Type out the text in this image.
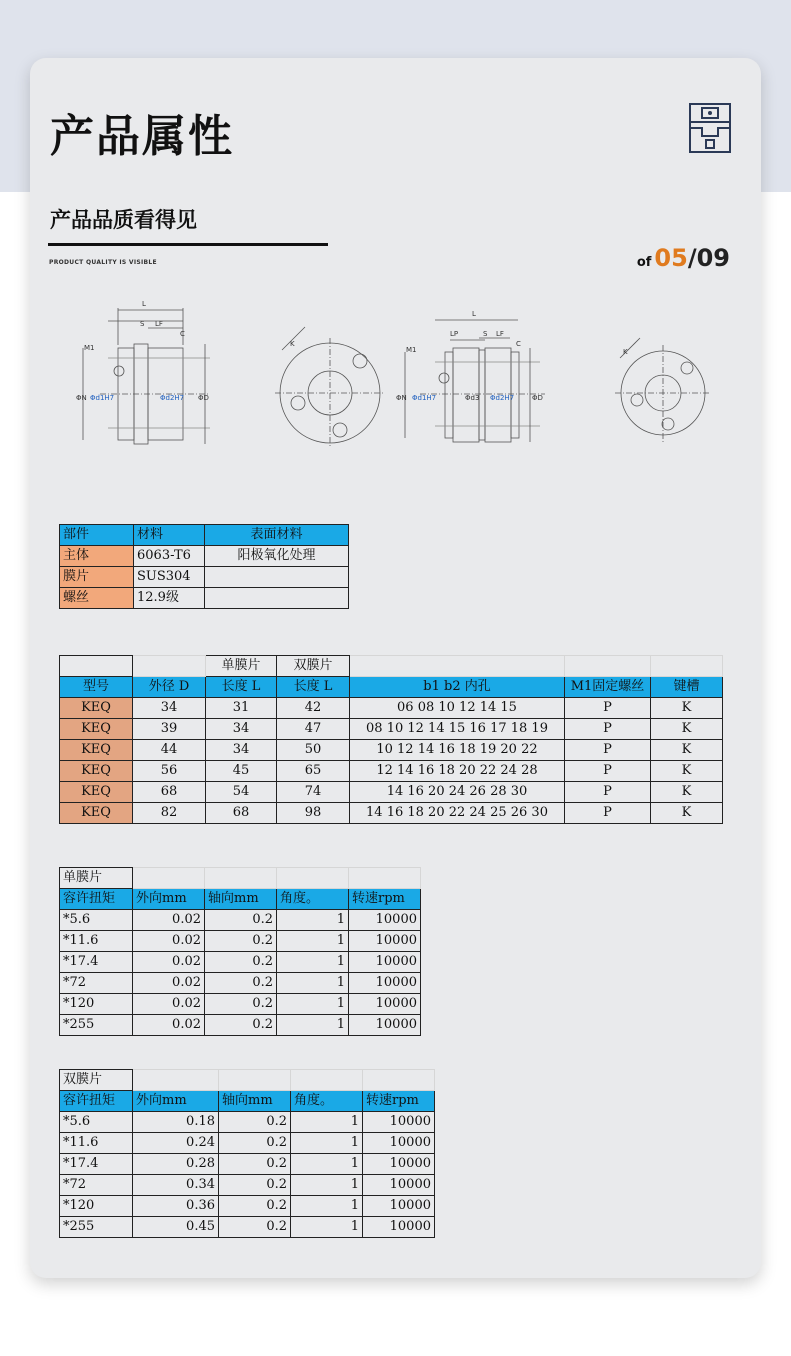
产品属性
产品品质看得见
PRODUCT QUALITY IS VISIBLE	of 05/09
L
S LF
C
M1
ΦN Φd1H7	Φd2H7 ΦD
K
L
LP	S LF
C
M1
ΦN Φd1H7	Φd3 Φd2H7	ΦD
K
部件	材料	表面材料
主体	6063-T6	阳极氧化处理
膜片	SUS304	
螺丝	12.9级	
		单膜片	双膜片			
型号	外径 D	长度 L	长度 L	b1 b2 内孔	M1固定螺丝	键槽
KEQ	34	31	42	06 08 10 12 14 15	P	K
KEQ	39	34	47	08 10 12 14 15 16 17 18 19	P	K
KEQ	44	34	50	10 12 14 16 18 19 20 22	P	K
KEQ	56	45	65	12 14 16 18 20 22 24 28	P	K
KEQ	68	54	74	14 16 20 24 26 28 30	P	K
KEQ	82	68	98	14 16 18 20 22 24 25 26 30	P	K
单膜片				
容许扭矩	外向mm	轴向mm	角度。	转速rpm
*5.6	0.02	0.2	1	10000
*11.6	0.02	0.2	1	10000
*17.4	0.02	0.2	1	10000
*72	0.02	0.2	1	10000
*120	0.02	0.2	1	10000
*255	0.02	0.2	1	10000
双膜片				
容许扭矩	外向mm	轴向mm	角度。	转速rpm
*5.6	0.18	0.2	1	10000
*11.6	0.24	0.2	1	10000
*17.4	0.28	0.2	1	10000
*72	0.34	0.2	1	10000
*120	0.36	0.2	1	10000
*255	0.45	0.2	1	10000
